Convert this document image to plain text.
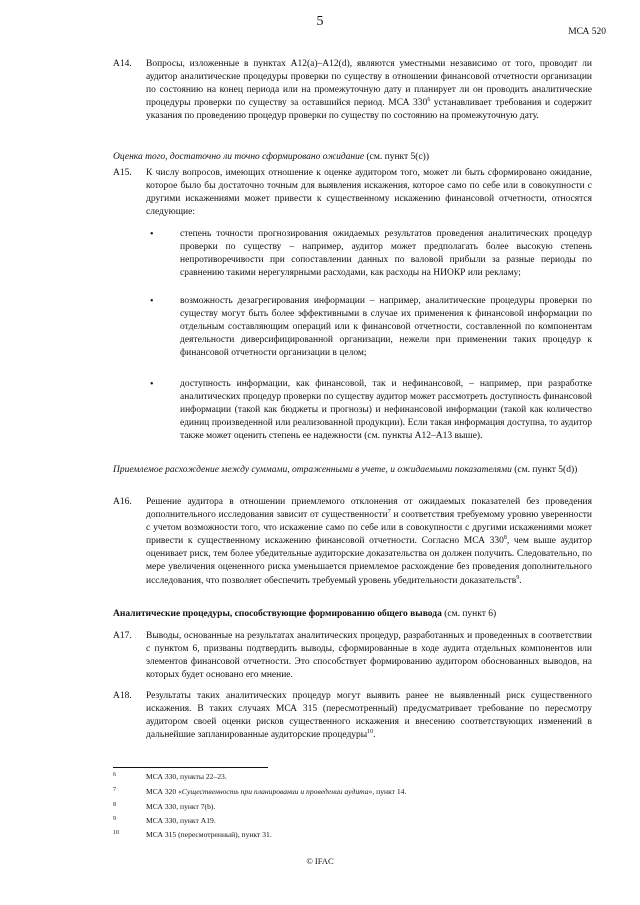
5
МСА 520
A14. Вопросы, изложенные в пунктах А12(a)–А12(d), являются уместными независимо от того, проводит ли аудитор аналитические процедуры проверки по существу в отношении финансовой отчетности организации по состоянию на конец периода или на промежуточную дату и планирует ли он проводить аналитические процедуры проверки по существу за оставшийся период. МСА $330^6$ устанавливает требования и содержит указания по проведению процедур проверки по существу по состоянию на промежуточную дату.
Оценка того, достаточно ли точно сформировано ожидание (см. пункт 5(c))
А15. К числу вопросов, имеющих отношение к оценке аудитором того, может ли быть сформировано ожидание, которое было бы достаточно точным для выявления искажения, которое само по себе или в совокупности с другими искажениями может привести к существенному искажению финансовой отчетности, относятся следующие:
•	степень точности прогнозирования ожидаемых результатов проведения аналитических процедур проверки по существу – например, аудитор может предполагать более высокую степень непротиворечивости при сопоставлении данных по валовой прибыли за разные периоды по сравнению такими нерегулярными расходами, как расходы на НИОКР или рекламу;
•	возможность дезагрегирования информации – например, аналитические процедуры проверки по существу могут быть более эффективными в случае их применения к финансовой информации по отдельным составляющим операций или к финансовой отчетности, составленной по компонентам деятельности диверсифицированной организации, нежели при применении таких процедур к финансовой отчетности организации в целом;
•	доступность информации, как финансовой, так и нефинансовой, – например, при разработке аналитических процедур проверки по существу аудитор может рассмотреть доступность финансовой информации (такой как бюджеты и прогнозы) и нефинансовой информации (такой как количество единиц произведенной или реализованной продукции). Если такая информация доступна, то аудитор также может оценить степень ее надежности (см. пункты А12–А13 выше).
Приемлемое расхождение между суммами, отраженными в учете, и ожидаемыми показателями (см. пункт 5(d))
А16. Решение аудитора в отношении приемлемого отклонения от ожидаемых показателей без проведения дополнительного исследования зависит от существенности$^7$ и соответствия требуемому уровню уверенности с учетом возможности того, что искажение само по себе или в совокупности с другими искажениями может привести к существенному искажению финансовой отчетности. Согласно МСА $330^8$, чем выше аудитор оценивает риск, тем более убедительные аудиторские доказательства он должен получить. Следовательно, по мере увеличения оцененного риска уменьшается приемлемое расхождение без проведения дополнительного исследования, что позволяет обеспечить требуемый уровень убедительности доказательств$^9$.
Аналитические процедуры, способствующие формированию общего вывода (см. пункт 6)
А17. Выводы, основанные на результатах аналитических процедур, разработанных и проведенных в соответствии с пунктом 6, призваны подтвердить выводы, сформированные в ходе аудита отдельных компонентов или элементов финансовой отчетности. Это способствует формированию аудитором обоснованных выводов, на которых будет основано его мнение.
А18. Результаты таких аналитических процедур могут выявить ранее не выявленный риск существенного искажения. В таких случаях МСА 315 (пересмотренный) предусматривает требование по пересмотру аудитором своей оценки рисков существенного искажения и внесению соответствующих изменений в дальнейшие запланированные аудиторские процедуры$^{10}$.
6	МСА 330, пункты 22–23.
7	МСА 320 «Существенность при планировании и проведении аудита», пункт 14.
8	МСА 330, пункт 7(b).
9	МСА 330, пункт А19.
10	МСА 315 (пересмотренный), пункт 31.
© IFAC
